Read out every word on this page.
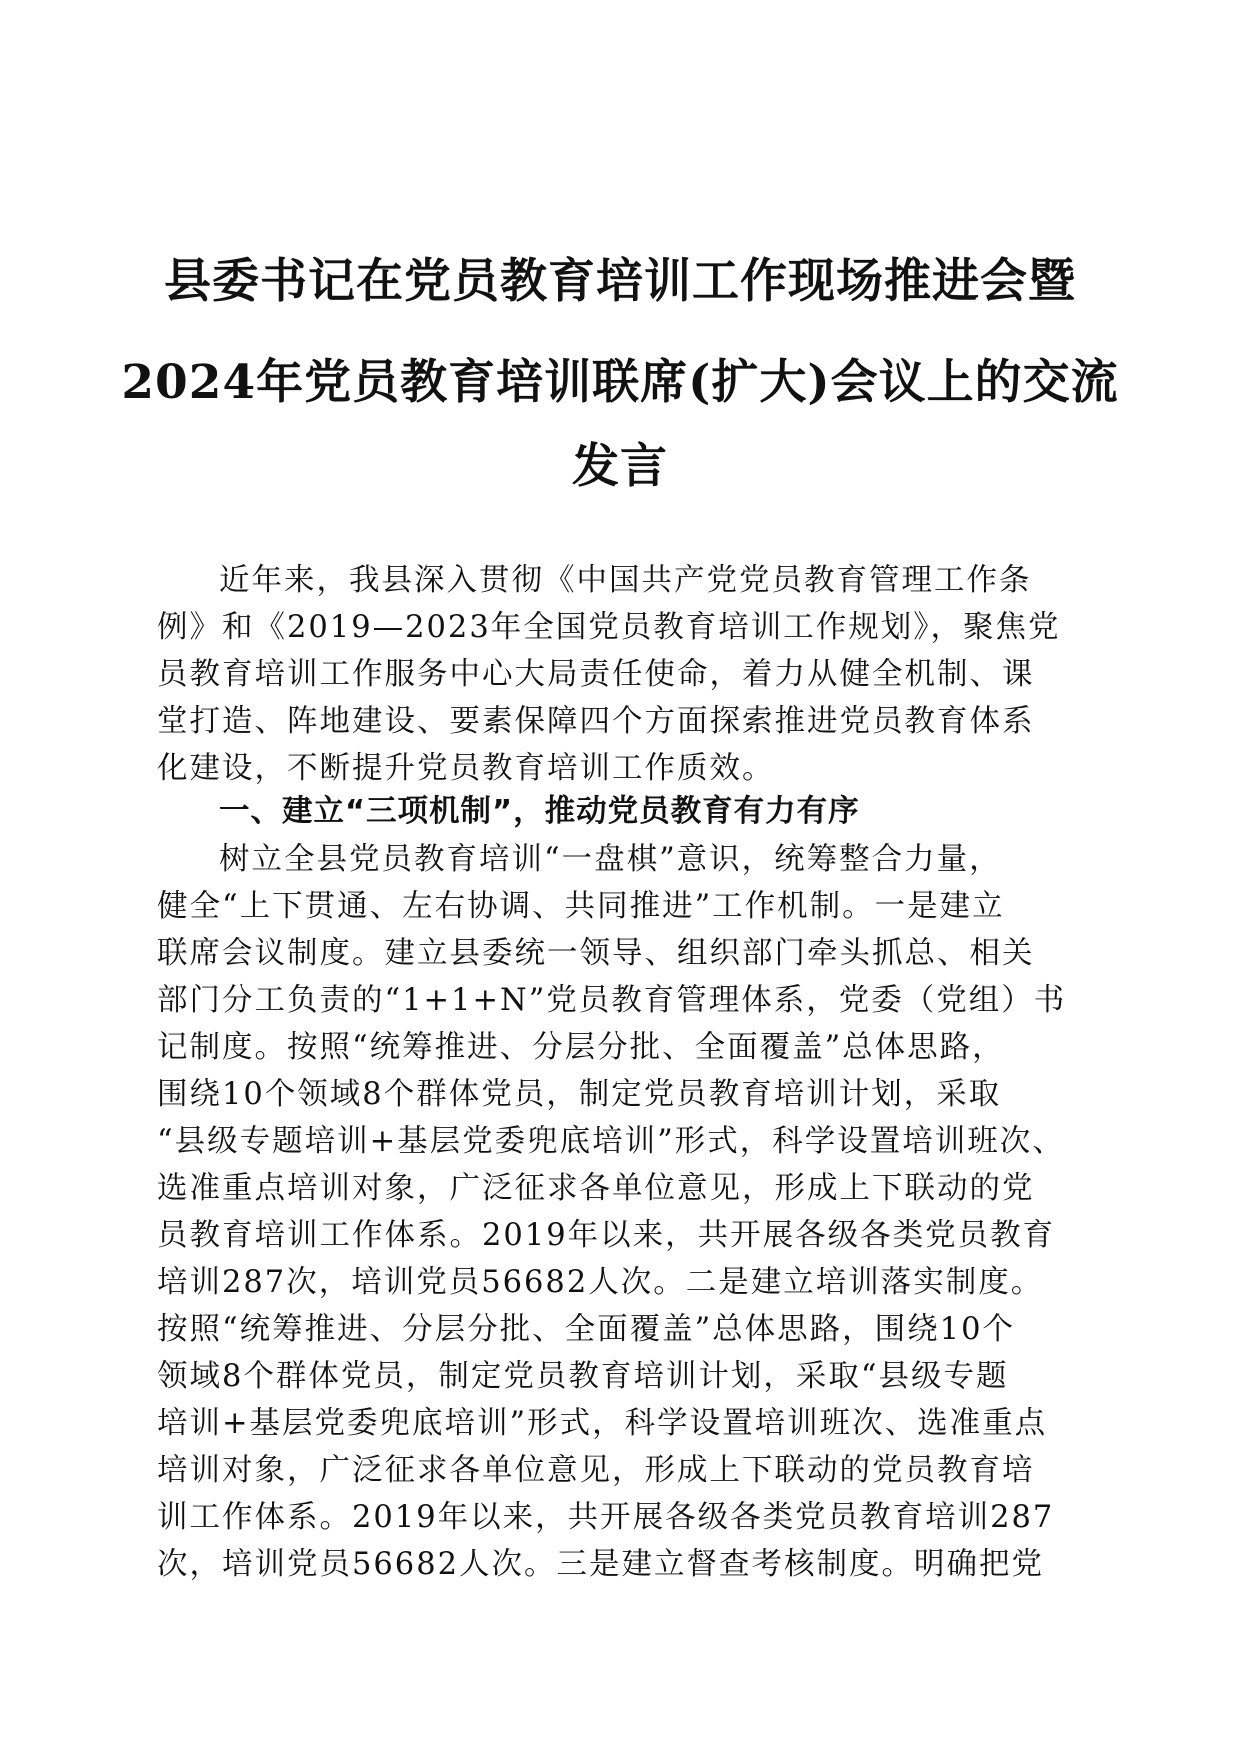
县委书记在党员教育培训工作现场推进会暨
2024年党员教育培训联席(扩大)会议上的交流
发言
近年来，我县深入贯彻《中国共产党党员教育管理工作条
例》和《2019—2023年全国党员教育培训工作规划》，聚焦党
员教育培训工作服务中心大局责任使命，着力从健全机制、课
堂打造、阵地建设、要素保障四个方面探索推进党员教育体系
化建设，不断提升党员教育培训工作质效。
一、建立“三项机制”，推动党员教育有力有序
树立全县党员教育培训“一盘棋”意识，统筹整合力量，
健全“上下贯通、左右协调、共同推进”工作机制。一是建立
联席会议制度。建立县委统一领导、组织部门牵头抓总、相关
部门分工负责的“1+1+N”党员教育管理体系，党委（党组）书
记制度。按照“统筹推进、分层分批、全面覆盖”总体思路，
围绕10个领域8个群体党员，制定党员教育培训计划，采取
“县级专题培训+基层党委兜底培训”形式，科学设置培训班次、
选准重点培训对象，广泛征求各单位意见，形成上下联动的党
员教育培训工作体系。2019年以来，共开展各级各类党员教育
培训287次，培训党员56682人次。二是建立培训落实制度。
按照“统筹推进、分层分批、全面覆盖”总体思路，围绕10个
领域8个群体党员，制定党员教育培训计划，采取“县级专题
培训+基层党委兜底培训”形式，科学设置培训班次、选准重点
培训对象，广泛征求各单位意见，形成上下联动的党员教育培
训工作体系。2019年以来，共开展各级各类党员教育培训287
次，培训党员56682人次。三是建立督查考核制度。明确把党
